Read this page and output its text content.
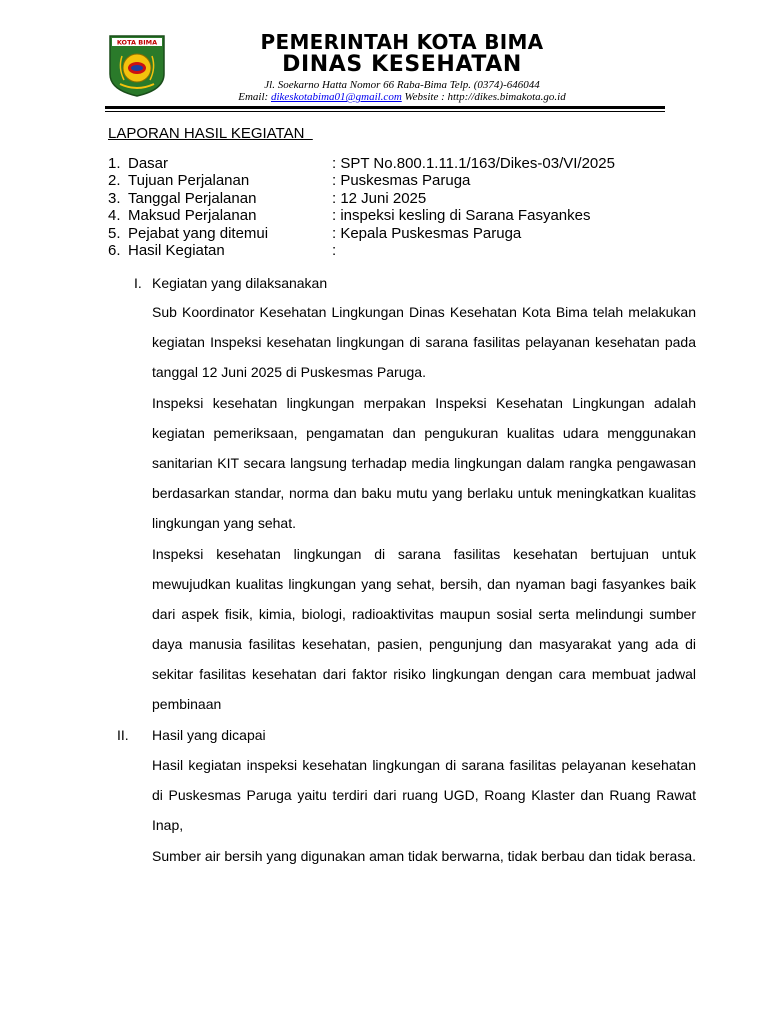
KOTA BIMA	PEMERINTAH KOTA BIMA
DINAS KESEHATAN
Jl. Soekarno Hatta Nomor 66 Raba-Bima Telp. (0374)-646044
Email: dikeskotabima01@gmail.com Website : http://dikes.bimakota.go.id
LAPORAN HASIL KEGIATAN
1. Dasar	: SPT No.800.1.11.1/163/Dikes-03/VI/2025
2. Tujuan Perjalanan	: Puskesmas Paruga
3. Tanggal Perjalanan	: 12 Juni 2025
4. Maksud Perjalanan	: inspeksi kesling di Sarana Fasyankes
5. Pejabat yang ditemui	: Kepala Puskesmas Paruga
6. Hasil Kegiatan	:
I. Kegiatan yang dilaksanakan
Sub Koordinator Kesehatan Lingkungan Dinas Kesehatan Kota Bima telah melakukan kegiatan Inspeksi kesehatan lingkungan di sarana fasilitas pelayanan kesehatan pada tanggal 12 Juni 2025 di Puskesmas Paruga.
Inspeksi kesehatan lingkungan merpakan Inspeksi Kesehatan Lingkungan adalah kegiatan pemeriksaan, pengamatan dan pengukuran kualitas udara menggunakan sanitarian KIT secara langsung terhadap media lingkungan dalam rangka pengawasan berdasarkan standar, norma dan baku mutu yang berlaku untuk meningkatkan kualitas lingkungan yang sehat.
Inspeksi kesehatan lingkungan di sarana fasilitas kesehatan bertujuan untuk mewujudkan kualitas lingkungan yang sehat, bersih, dan nyaman bagi fasyankes baik dari aspek fisik, kimia, biologi, radioaktivitas maupun sosial serta melindungi sumber daya manusia fasilitas kesehatan, pasien, pengunjung dan masyarakat yang ada di sekitar fasilitas kesehatan dari faktor risiko lingkungan dengan cara membuat jadwal pembinaan
II. Hasil yang dicapai
Hasil kegiatan inspeksi kesehatan lingkungan di sarana fasilitas pelayanan kesehatan di Puskesmas Paruga yaitu terdiri dari ruang UGD, Roang Klaster dan Ruang Rawat Inap,
Sumber air bersih yang digunakan aman tidak berwarna, tidak berbau dan tidak berasa.
